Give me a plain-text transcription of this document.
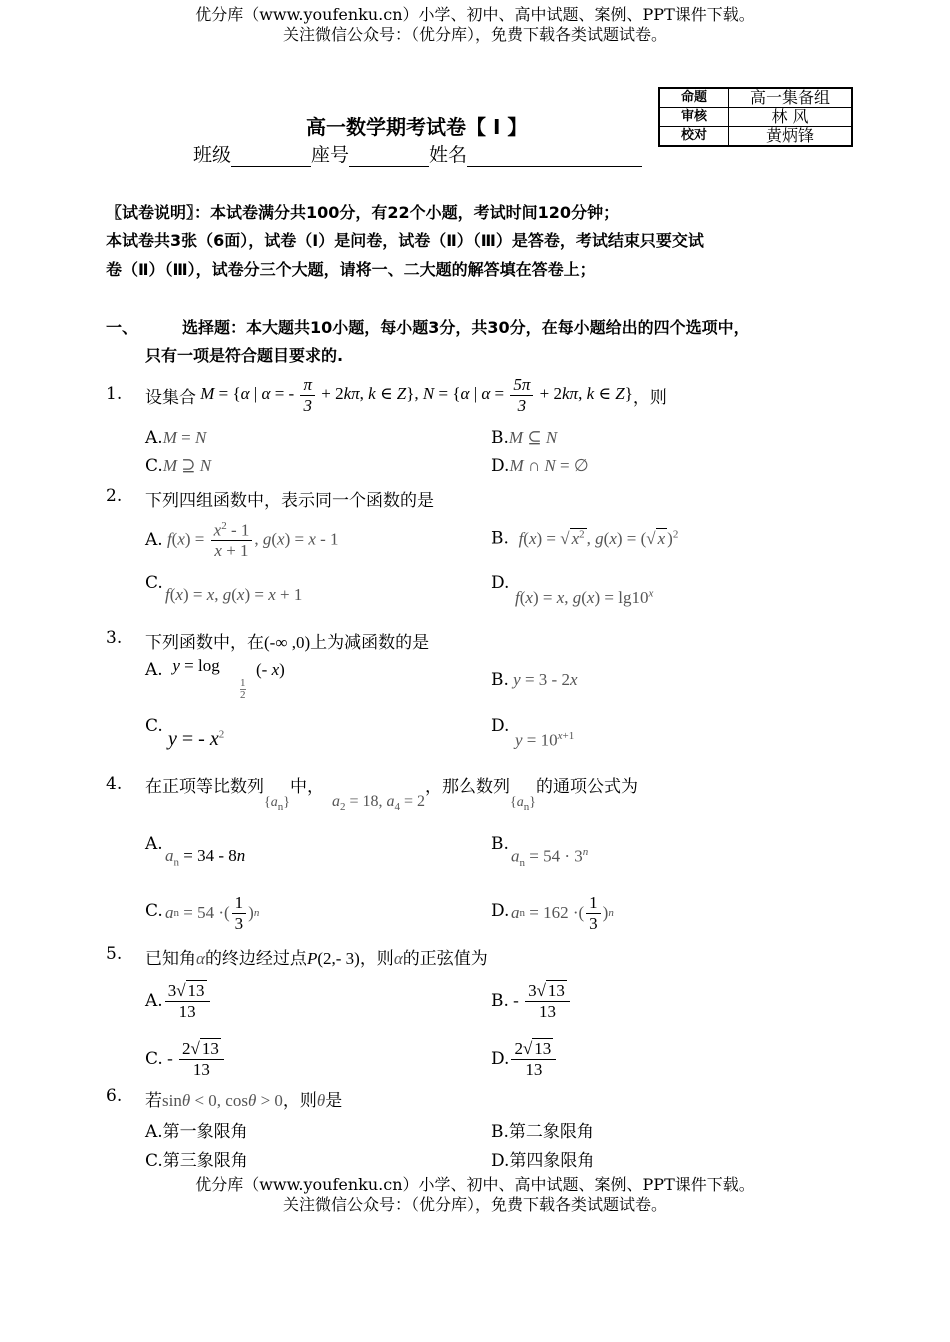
优分库（www.youfenku.cn）小学、初中、高中试题、案例、PPT课件下载。
关注微信公众号：（优分库），免费下载各类试题试卷。
命题	高一集备组
审核	林 风
校对	黄炳锋
高一数学期考试卷【 Ⅰ 】
班级	座号	姓名
〖试卷说明〗：本试卷满分共100分，有22个小题，考试时间120分钟；
本试卷共3张（6面），试卷（Ⅰ）是问卷，试卷（Ⅱ）（Ⅲ）是答卷，考试结束只要交试
卷（Ⅱ）（Ⅲ），试卷分三个大题，请将一、二大题的解答填在答卷上；
一、	选择题：本大题共10小题，每小题3分，共30分，在每小题给出的四个选项中，
只有一项是符合题目要求的.
1. 设集合 M = {α | α = - $\frac{\pi}{3} + 2k\pi$, k ∈ Z}, N = {α | $\alpha = \frac{5\pi}{3} + 2k\pi$, k ∈ Z} ，则
A.M = N	B.M ⊆ N
C.M ⊇ N	D.M ∩ N = ∅
2. 下列四组函数中，表示同一个函数的是
A. $f(x) = \frac{x^2 - 1}{x + 1}$ , g(x) = x - 1	B.  f(x) = √ $x^2$ , g(x) = (√ x )$^2$
C.
f(x) = x, g(x) = x + 1
D.
f(x) = x, $g(x) = \lg 10^x$
3. 下列函数中，在(-∞ ,0)上为减函数的是
A.  y = log
1
2
(- x)
B. y = 3 - 2x
C.
y = - $x^2$	D.
$y = 10^{x+1}$
4. 在正项等比数列$_{\{a_n\}}$中，  $a_2 = 18$, $a_4 = 2$，那么数列$_{\{a_n\}}$的通项公式为
A.
$a_n = 34 - 8n$
B.
$a_n = 54 \cdot 3^n$
C. a n = 54 ·( $\frac{1}{3}$ ) n	D. a n = 162 ·( $\frac{1}{3}$ ) n
5. 已知角α的终边经过点P(2,- 3)，则α的正弦值为
A. $\frac{3√ 13}{13}$	B. - $\frac{3√ 13}{13}$
C. - $\frac{2√ 13}{13}$	D. $\frac{2√ 13}{13}$
6. 若sinθ < 0, cosθ > 0，则θ是
A.第一象限角	B.第二象限角
C.第三象限角	D.第四象限角
优分库（www.youfenku.cn）小学、初中、高中试题、案例、PPT课件下载。
关注微信公众号：（优分库），免费下载各类试题试卷。
